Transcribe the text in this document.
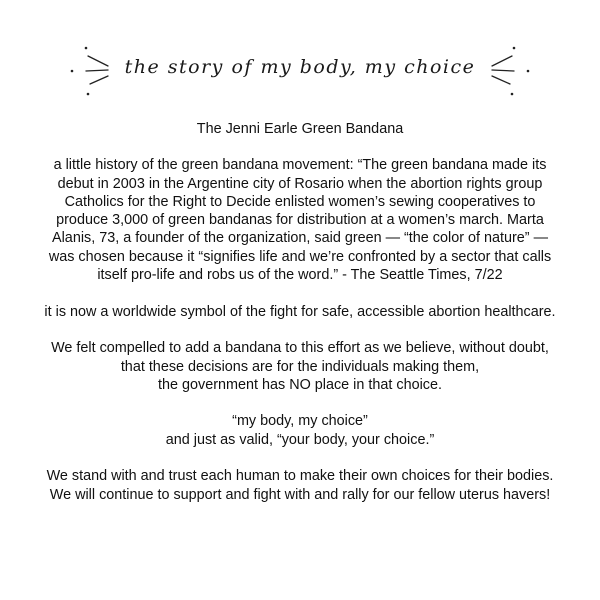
the story of my body, my choice

The Jenni Earle Green Bandana

a little history of the green bandana movement: “The green bandana made its

debut in 2003 in the Argentine city of Rosario when the abortion rights group

Catholics for the Right to Decide enlisted women’s sewing cooperatives to

produce 3,000 of green bandanas for distribution at a women’s march. Marta

Alanis, 73, a founder of the organization, said green — “the color of nature” —

was chosen because it “signifies life and we’re confronted by a sector that calls

itself pro-life and robs us of the word.” - The Seattle Times, 7/22

it is now a worldwide symbol of the fight for safe, accessible abortion healthcare.

We felt compelled to add a bandana to this effort as we believe, without doubt,

that these decisions are for the individuals making them,

the government has NO place in that choice.

“my body, my choice”

and just as valid, “your body, your choice.”

We stand with and trust each human to make their own choices for their bodies.

We will continue to support and fight with and rally for our fellow uterus havers!
